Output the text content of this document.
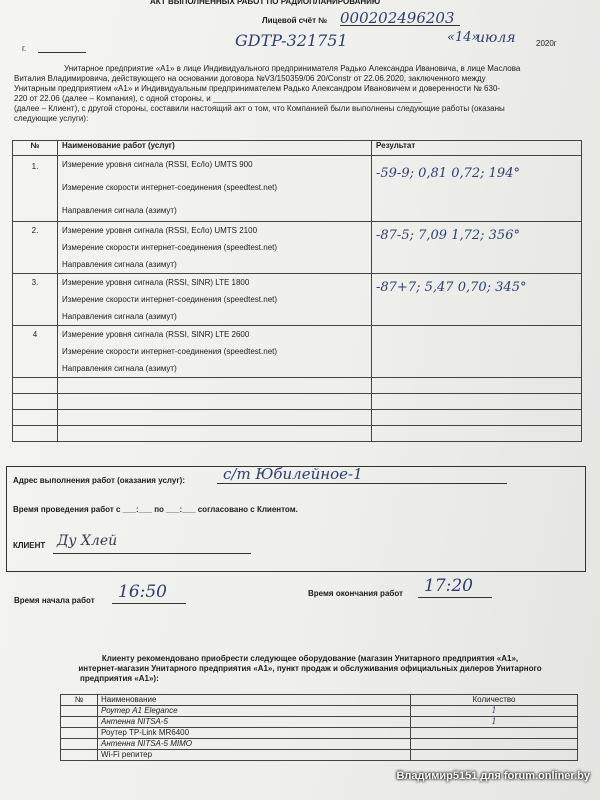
АКТ ВЫПОЛНЕННЫХ РАБОТ ПО РАДИОПЛАНИРОВАНИЮ
Лицевой счёт № 000202496203
г.	GDTP-321751	«14»
июля	2020г
Унитарное предприятие «А1» в лице Индивидуального предпринимателя Радько Александра Ивановича, в лице Маслова
Виталия Владимировича, действующего на основании договора №V3/150359/06 20/Constr от 22.06.2020, заключенного между
Унитарным предприятием «А1» и Индивидуальным предпринимателем Радько Александром Ивановичем и доверенности № 630-
220 от 22.06 (далее – Компания), с одной стороны, и _______________________________________________
(далее – Клиент), с другой стороны, составили настоящий акт о том, что Компанией были выполнены следующие работы (оказаны
следующие услуги):
№	Наименование работ (услуг)	Результат
1.	Измерение уровня сигнала (RSSI, Ec/Io) UMTS 900
Измерение скорости интернет-соединения (speedtest.net)
Направления сигнала (азимут)	-59-9; 0,81 0,72; 194°

2.	Измерение уровня сигнала (RSSI, Ec/Io) UMTS 2100
Измерение скорости интернет-соединения (speedtest.net)
Направления сигнала (азимут)	-87-5; 7,09 1,72; 356°

3.	Измерение уровня сигнала (RSSI, SINR) LTE 1800
Измерение скорости интернет-соединения (speedtest.net)
Направления сигнала (азимут)	-87+7; 5,47 0,70; 345°

4	Измерение уровня сигнала (RSSI, SINR) LTE 2600
Измерение скорости интернет-соединения (speedtest.net)
Направления сигнала (азимут)	

Адрес выполнения работ (оказания услуг):	с/т Юбилейное-1
Время проведения работ с ___:___ по ___:___ согласовано с Клиентом.
КЛИЕНТ Ду Хлей
Время начала работ 16:50	Время окончания работ 17:20
Клиенту рекомендовано приобрести следующее оборудование (магазин Унитарного предприятия «А1»,
интернет-магазин Унитарного предприятия «А1», пункт продаж и обслуживания официальных дилеров Унитарного
предприятия «А1»):
№	Наименование	Количество
	Роутер A1 Elegance	1
	Антенна NITSA-5	1
	Роутер TP-Link MR6400	
	Антенна NITSA-5 MIMO	
	Wi-Fi репитер	
Владимир5151 для forum.onliner.by
